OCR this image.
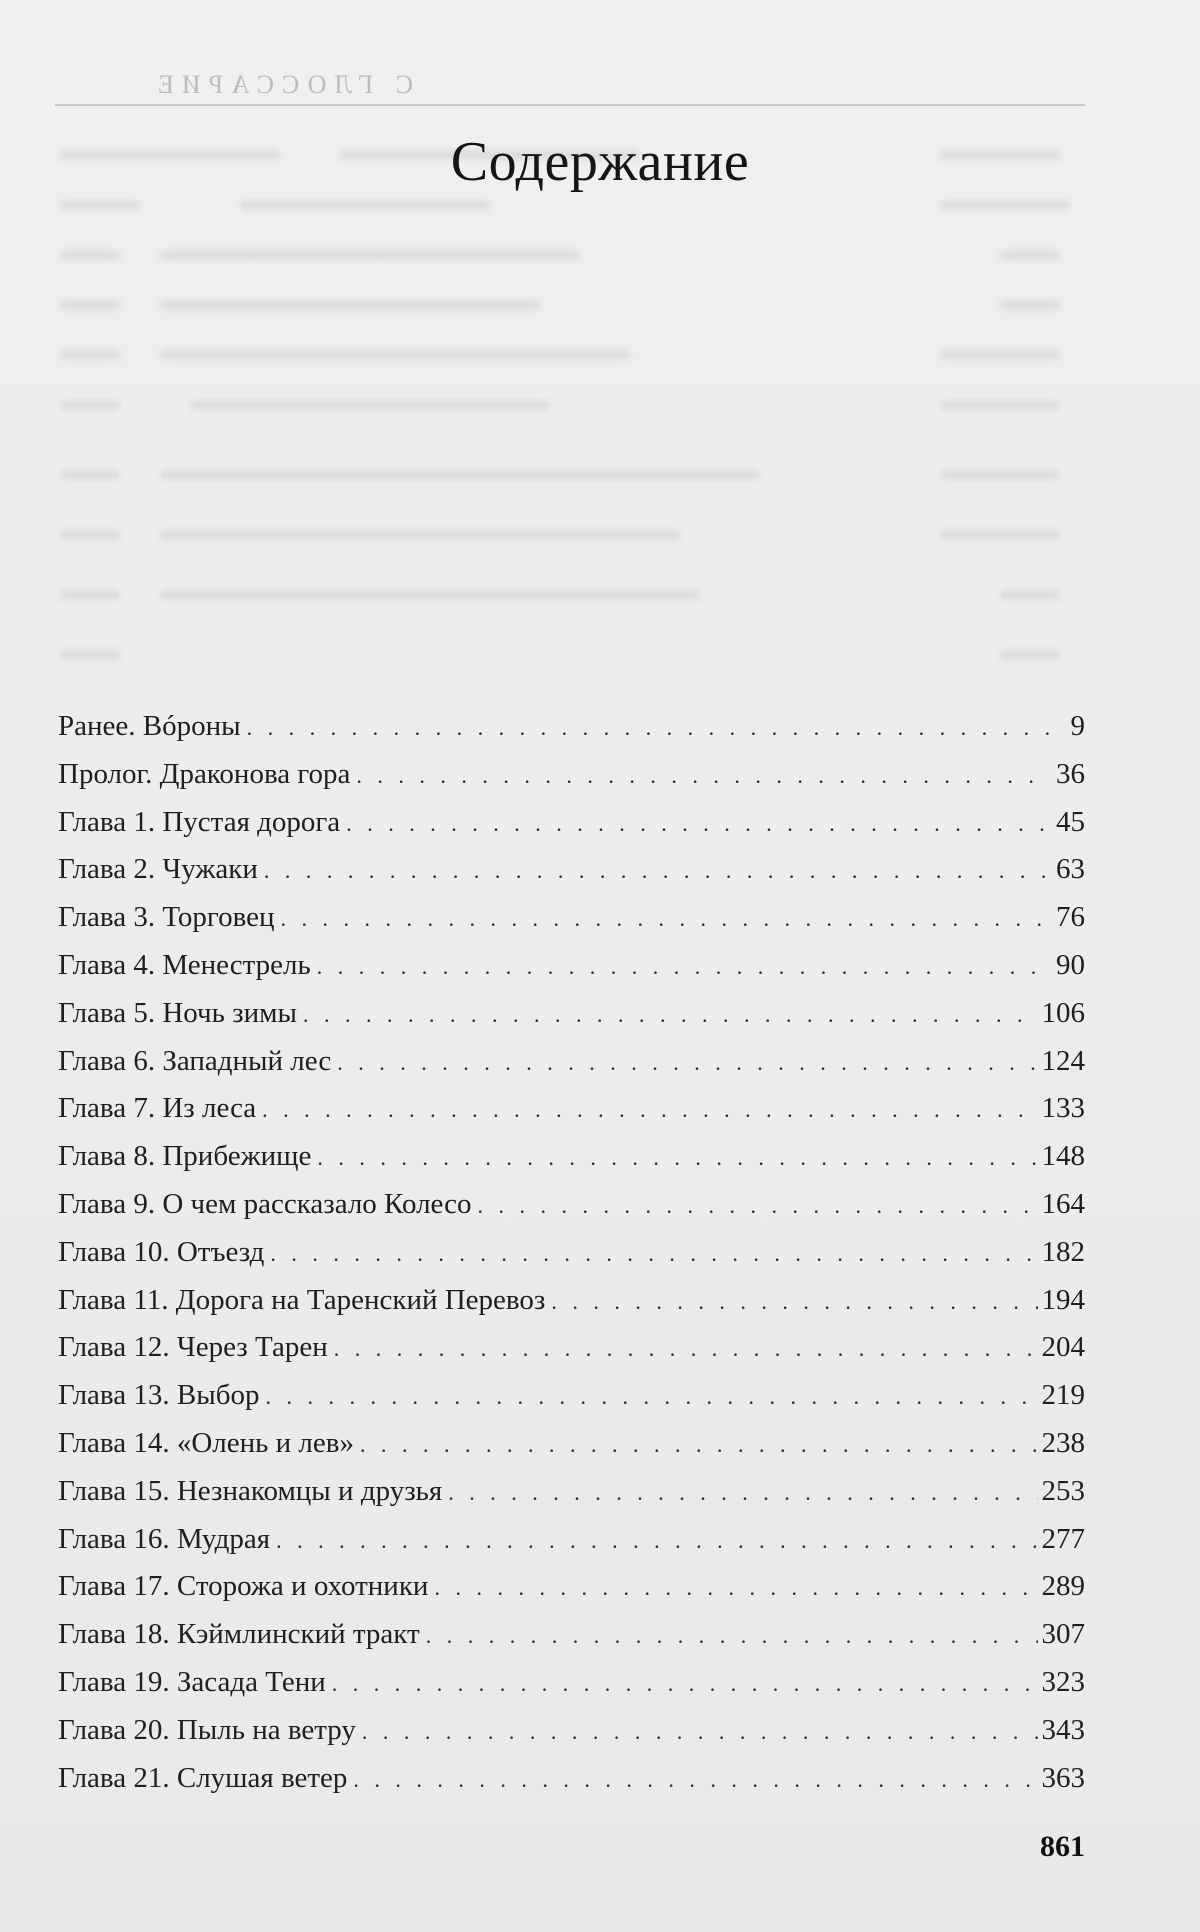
С ГЛОССАРИЕ
Содержание
Ранее. Вóроны . . .	9
Пролог. Драконова гора . . .	36
Глава 1. Пустая дорога . . .	45
Глава 2. Чужаки . . .	63
Глава 3. Торговец . . .	76
Глава 4. Менестрель . . .	90
Глава 5. Ночь зимы . . .	106
Глава 6. Западный лес . . .	124
Глава 7. Из леса . . .	133
Глава 8. Прибежище . . .	148
Глава 9. О чем рассказало Колесо . . .	164
Глава 10. Отъезд . . .	182
Глава 11. Дорога на Таренский Перевоз . . .	194
Глава 12. Через Тарен . . .	204
Глава 13. Выбор . . .	219
Глава 14. «Олень и лев» . . .	238
Глава 15. Незнакомцы и друзья . . .	253
Глава 16. Мудрая . . .	277
Глава 17. Сторожа и охотники . . .	289
Глава 18. Кэймлинский тракт . . .	307
Глава 19. Засада Тени . . .	323
Глава 20. Пыль на ветру . . .	343
Глава 21. Слушая ветер . . .	363
861
